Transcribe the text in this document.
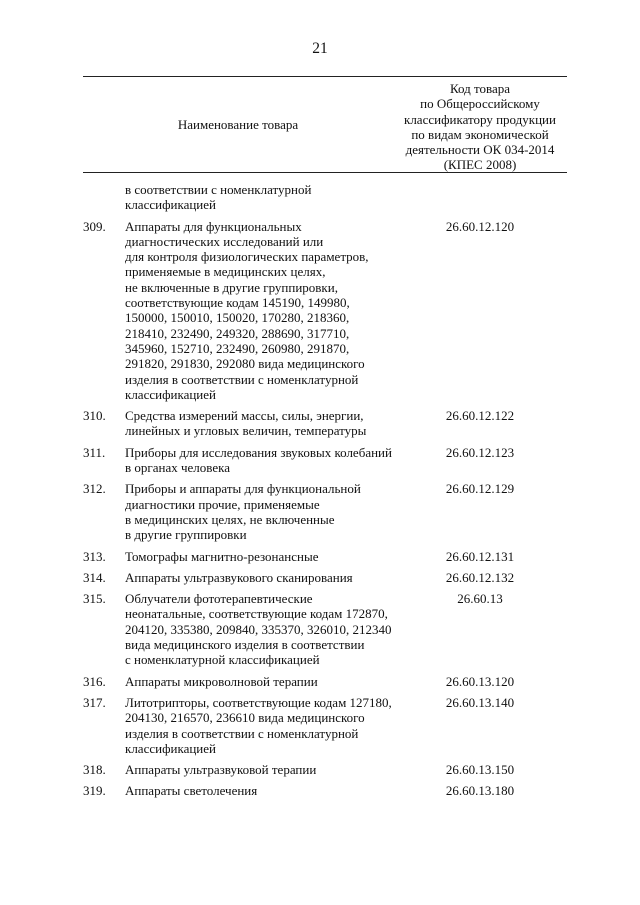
21
Наименование товара
Код товара
по Общероссийскому
классификатору продукции
по видам экономической
деятельности ОК 034-2014
(КПЕС 2008)
в соответствии с номенклатурной
классификацией
309.	Аппараты для функциональных
диагностических исследований или
для контроля физиологических параметров,
применяемые в медицинских целях,
не включенные в другие группировки,
соответствующие кодам 145190, 149980,
150000, 150010, 150020, 170280, 218360,
218410, 232490, 249320, 288690, 317710,
345960, 152710, 232490, 260980, 291870,
291820, 291830, 292080 вида медицинского
изделия в соответствии с номенклатурной
классификацией
26.60.12.120
310.	Средства измерений массы, силы, энергии,
линейных и угловых величин, температуры
26.60.12.122
311.	Приборы для исследования звуковых колебаний
в органах человека
26.60.12.123
312.	Приборы и аппараты для функциональной
диагностики прочие, применяемые
в медицинских целях, не включенные
в другие группировки
26.60.12.129
313.	Томографы магнитно-резонансные	26.60.12.131
314.	Аппараты ультразвукового сканирования	26.60.12.132
315.	Облучатели фототерапевтические
неонатальные, соответствующие кодам 172870,
204120, 335380, 209840, 335370, 326010, 212340
вида медицинского изделия в соответствии
с номенклатурной классификацией
26.60.13
316.	Аппараты микроволновой терапии	26.60.13.120
317.	Литотрипторы, соответствующие кодам 127180,
204130, 216570, 236610 вида медицинского
изделия в соответствии с номенклатурной
классификацией
26.60.13.140
318.	Аппараты ультразвуковой терапии	26.60.13.150
319.	Аппараты светолечения	26.60.13.180
